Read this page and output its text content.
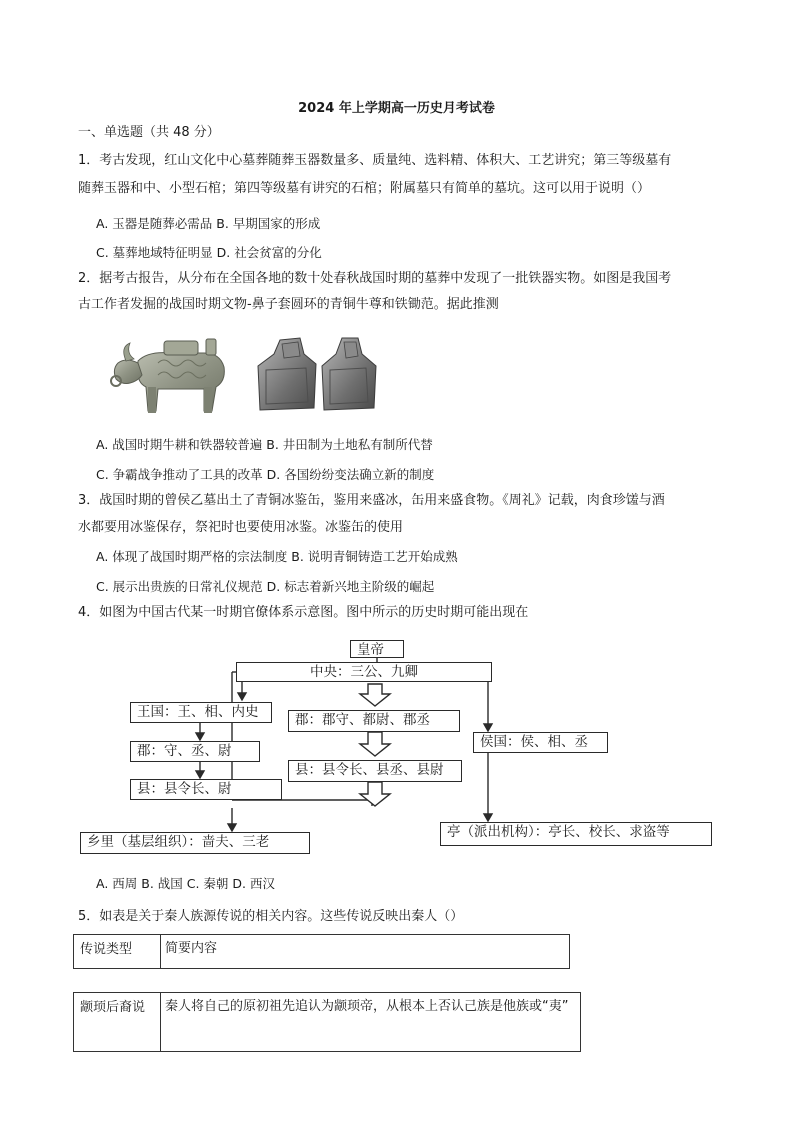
2024 年上学期高一历史月考试卷
一、单选题（共 48 分）
1．考古发现，红山文化中心墓葬随葬玉器数量多、质量纯、选料精、体积大、工艺讲究；第三等级墓有
随葬玉器和中、小型石棺；第四等级墓有讲究的石棺；附属墓只有简单的墓坑。这可以用于说明（）
A. 玉器是随葬必需品 B. 早期国家的形成
C. 墓葬地域特征明显 D. 社会贫富的分化
2．据考古报告，从分布在全国各地的数十处春秋战国时期的墓葬中发现了一批铁器实物。如图是我国考
古工作者发掘的战国时期文物-鼻子套圆环的青铜牛尊和铁锄范。据此推测
A. 战国时期牛耕和铁器较普遍 B. 井田制为土地私有制所代替
C. 争霸战争推动了工具的改革 D. 各国纷纷变法确立新的制度
3．战国时期的曾侯乙墓出土了青铜冰鉴缶，鉴用来盛冰，缶用来盛食物。《周礼》记载，肉食珍馐与酒
水都要用冰鉴保存，祭祀时也要使用冰鉴。冰鉴缶的使用
A. 体现了战国时期严格的宗法制度 B. 说明青铜铸造工艺开始成熟
C. 展示出贵族的日常礼仪规范 D. 标志着新兴地主阶级的崛起
4．如图为中国古代某一时期官僚体系示意图。图中所示的历史时期可能出现在
皇帝
中央：三公、九卿
王国：王、相、内史
郡：守、丞、尉
县：县令长、尉
郡：郡守、都尉、郡丞
县：县令长、县丞、县尉
侯国：侯、相、丞
乡里（基层组织）：啬夫、三老
亭（派出机构）：亭长、校长、求盗等
A. 西周 B. 战国 C. 秦朝 D. 西汉
5．如表是关于秦人族源传说的相关内容。这些传说反映出秦人（）
传说类型	简要内容
颛顼后裔说	秦人将自己的原初祖先追认为颛顼帝，从根本上否认己族是他族或“夷”
